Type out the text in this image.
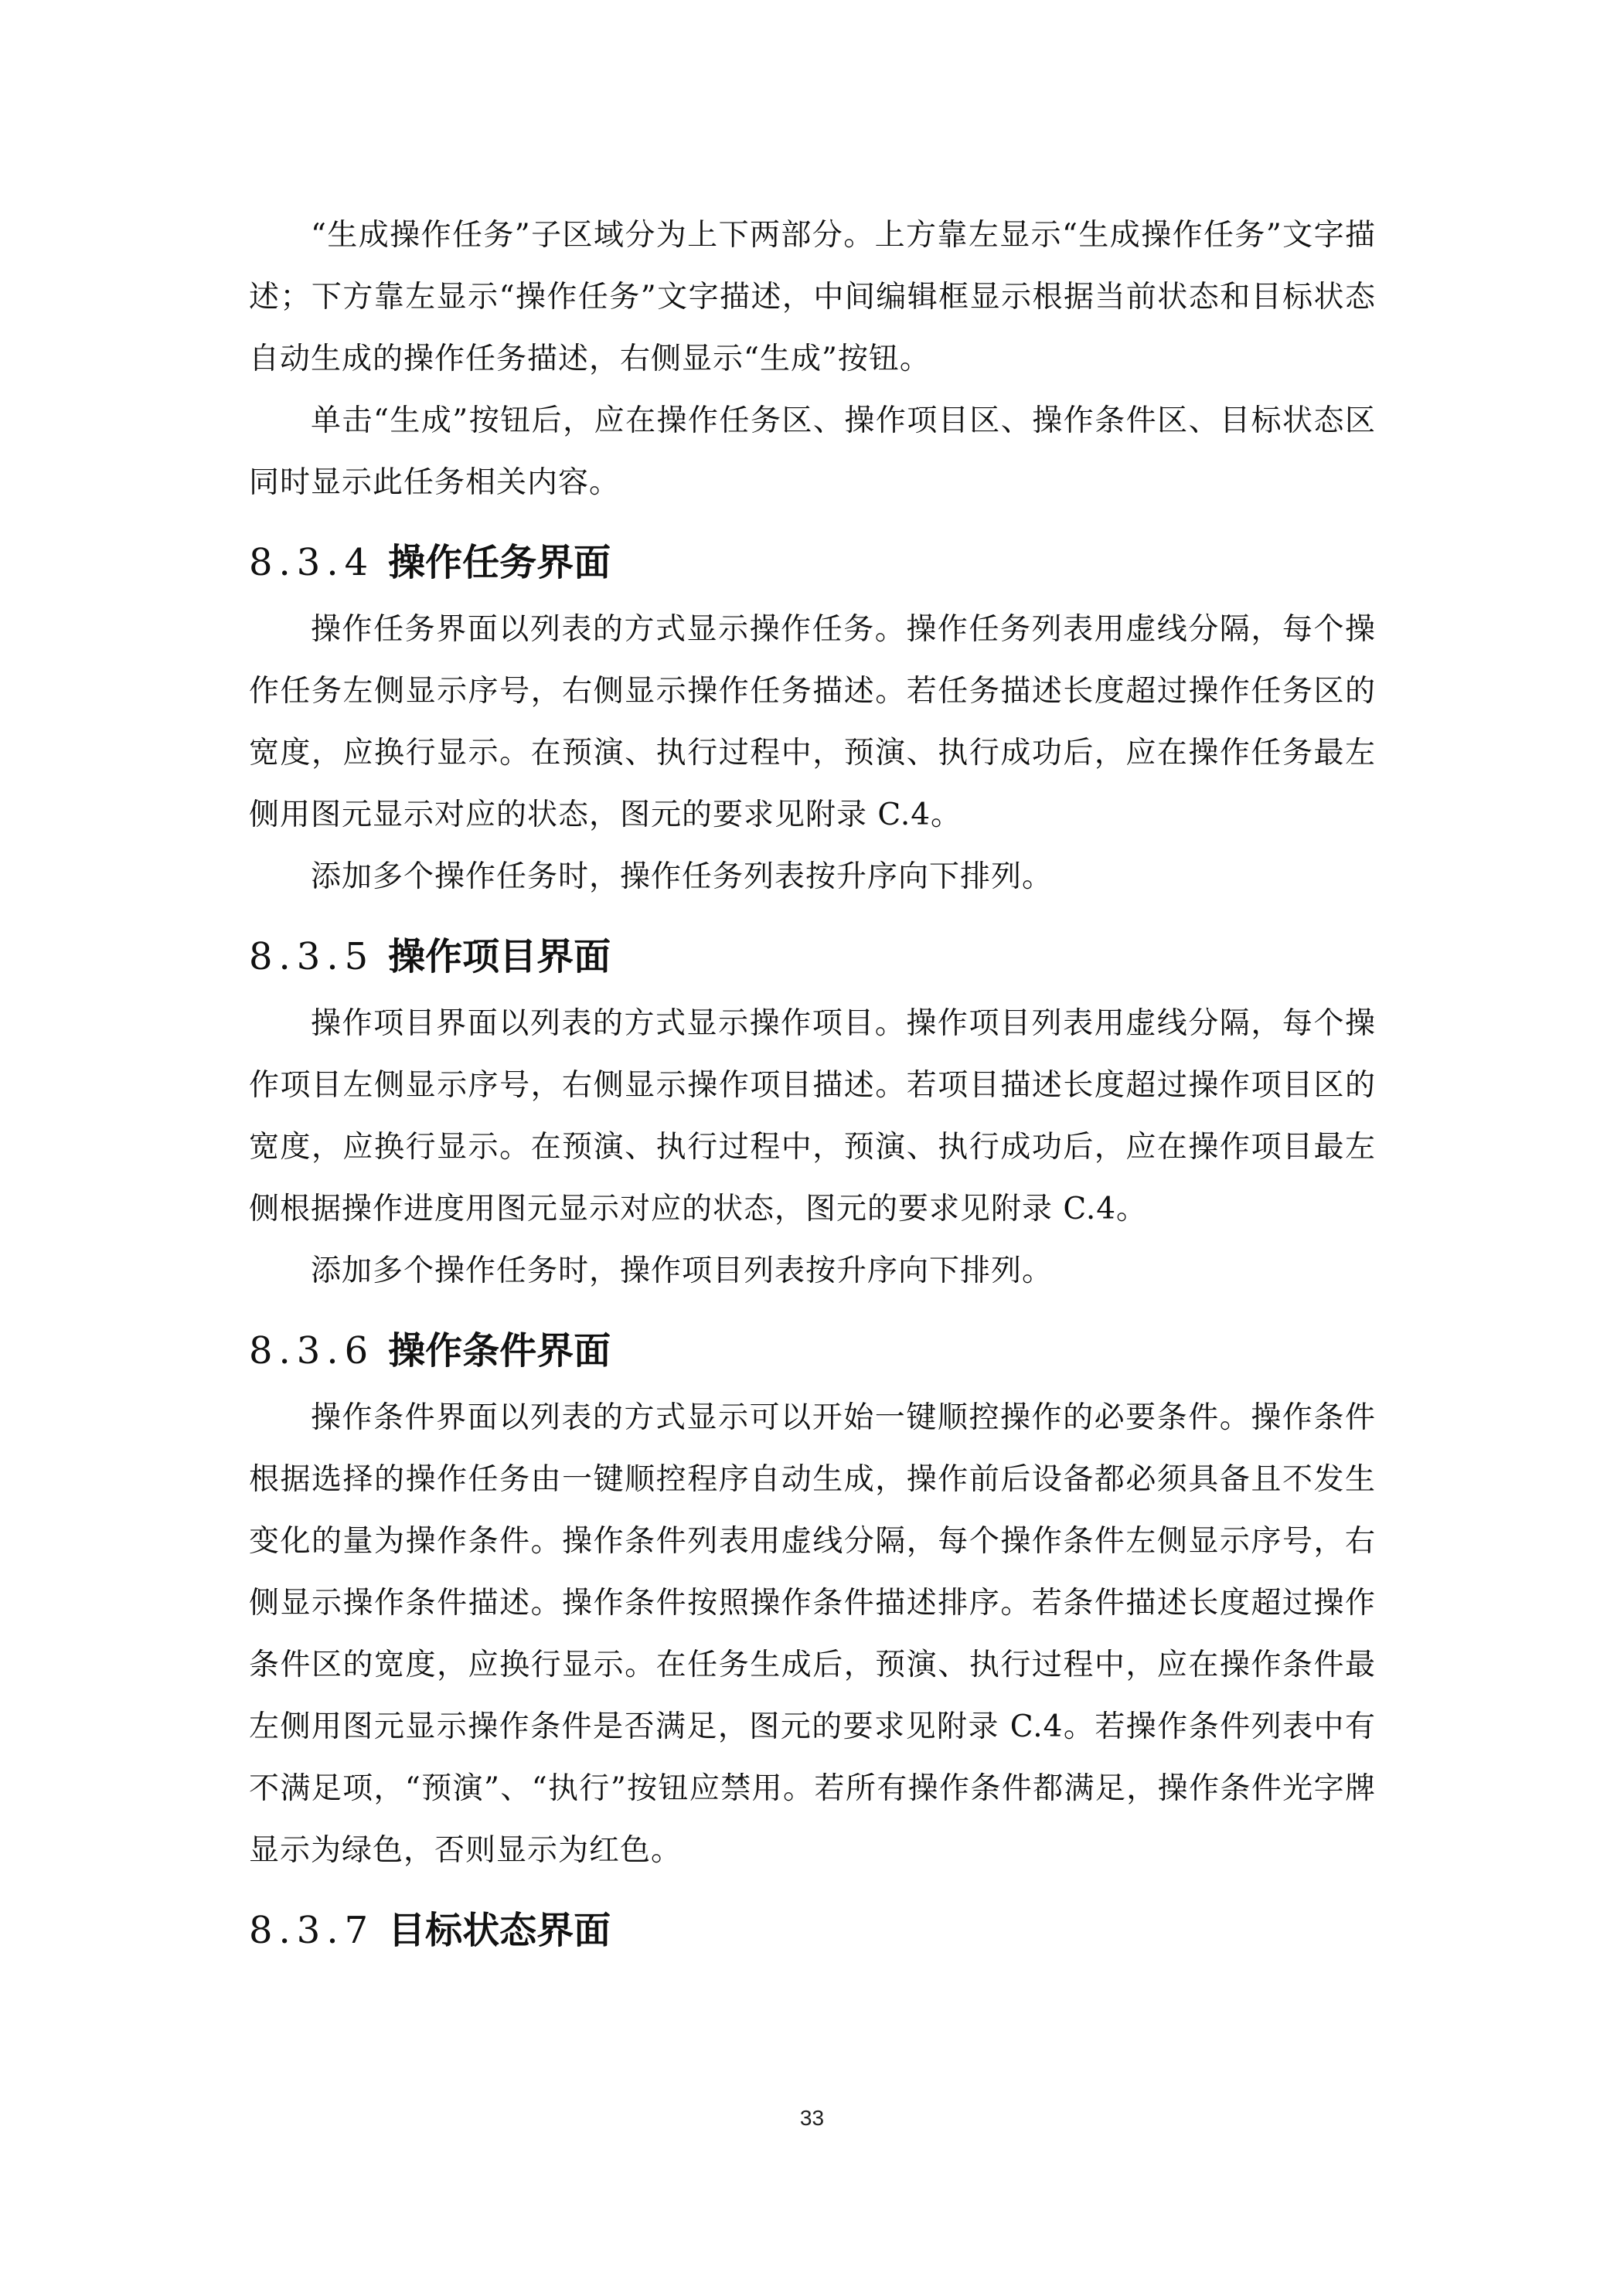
“生成操作任务”子区域分为上下两部分。上方靠左显示“生成操作任务”文字描述；下方靠左显示“操作任务”文字描述，中间编辑框显示根据当前状态和目标状态自动生成的操作任务描述，右侧显示“生成”按钮。

单击“生成”按钮后，应在操作任务区、操作项目区、操作条件区、目标状态区同时显示此任务相关内容。

8.3.4 操作任务界面

操作任务界面以列表的方式显示操作任务。操作任务列表用虚线分隔，每个操作任务左侧显示序号，右侧显示操作任务描述。若任务描述长度超过操作任务区的宽度，应换行显示。在预演、执行过程中，预演、执行成功后，应在操作任务最左侧用图元显示对应的状态，图元的要求见附录 C.4。

添加多个操作任务时，操作任务列表按升序向下排列。

8.3.5 操作项目界面

操作项目界面以列表的方式显示操作项目。操作项目列表用虚线分隔，每个操作项目左侧显示序号，右侧显示操作项目描述。若项目描述长度超过操作项目区的宽度，应换行显示。在预演、执行过程中，预演、执行成功后，应在操作项目最左侧根据操作进度用图元显示对应的状态，图元的要求见附录 C.4。

添加多个操作任务时，操作项目列表按升序向下排列。

8.3.6 操作条件界面

操作条件界面以列表的方式显示可以开始一键顺控操作的必要条件。操作条件根据选择的操作任务由一键顺控程序自动生成，操作前后设备都必须具备且不发生变化的量为操作条件。操作条件列表用虚线分隔，每个操作条件左侧显示序号，右侧显示操作条件描述。操作条件按照操作条件描述排序。若条件描述长度超过操作条件区的宽度，应换行显示。在任务生成后，预演、执行过程中，应在操作条件最左侧用图元显示操作条件是否满足，图元的要求见附录 C.4。若操作条件列表中有不满足项，“预演”、“执行”按钮应禁用。若所有操作条件都满足，操作条件光字牌显示为绿色，否则显示为红色。

8.3.7 目标状态界面
33
